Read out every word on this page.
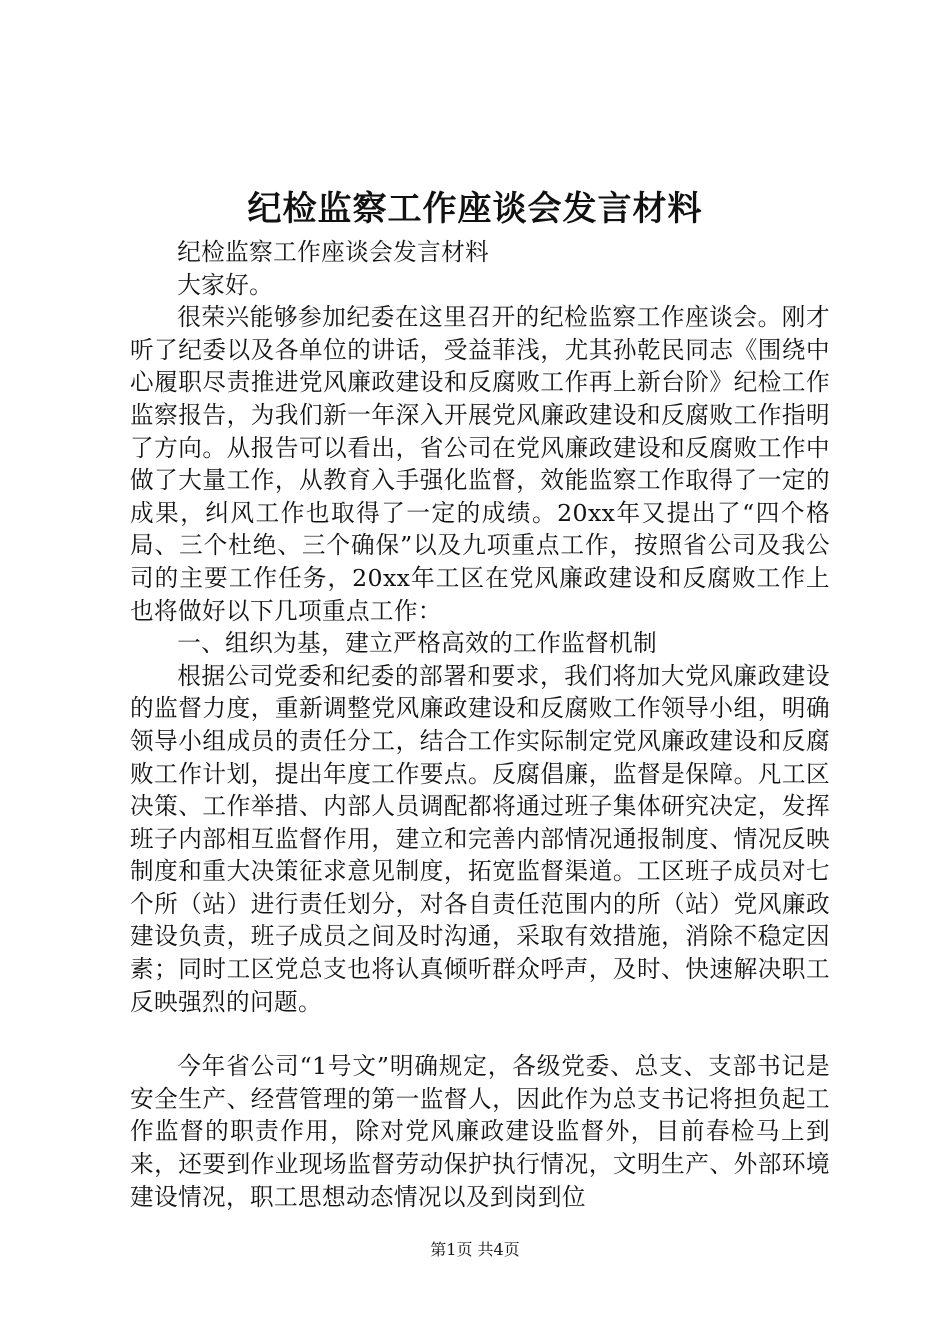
纪检监察工作座谈会发言材料

纪检监察工作座谈会发言材料

大家好。

很荣兴能够参加纪委在这里召开的纪检监察工作座谈会。刚才听了纪委以及各单位的讲话，受益菲浅，尤其孙乾民同志《围绕中心履职尽责推进党风廉政建设和反腐败工作再上新台阶》纪检工作监察报告，为我们新一年深入开展党风廉政建设和反腐败工作指明了方向。从报告可以看出，省公司在党风廉政建设和反腐败工作中做了大量工作，从教育入手强化监督，效能监察工作取得了一定的成果，纠风工作也取得了一定的成绩。20xx年又提出了“四个格局、三个杜绝、三个确保”以及九项重点工作，按照省公司及我公司的主要工作任务，20xx年工区在党风廉政建设和反腐败工作上也将做好以下几项重点工作：

一、组织为基，建立严格高效的工作监督机制

根据公司党委和纪委的部署和要求，我们将加大党风廉政建设的监督力度，重新调整党风廉政建设和反腐败工作领导小组，明确领导小组成员的责任分工，结合工作实际制定党风廉政建设和反腐败工作计划，提出年度工作要点。反腐倡廉，监督是保障。凡工区决策、工作举措、内部人员调配都将通过班子集体研究决定，发挥班子内部相互监督作用，建立和完善内部情况通报制度、情况反映制度和重大决策征求意见制度，拓宽监督渠道。工区班子成员对七个所（站）进行责任划分，对各自责任范围内的所（站）党风廉政建设负责，班子成员之间及时沟通，采取有效措施，消除不稳定因素；同时工区党总支也将认真倾听群众呼声，及时、快速解决职工反映强烈的问题。

今年省公司“1号文”明确规定，各级党委、总支、支部书记是安全生产、经营管理的第一监督人，因此作为总支书记将担负起工作监督的职责作用，除对党风廉政建设监督外，目前春检马上到来，还要到作业现场监督劳动保护执行情况，文明生产、外部环境建设情况，职工思想动态情况以及到岗到位

第1页 共4页
